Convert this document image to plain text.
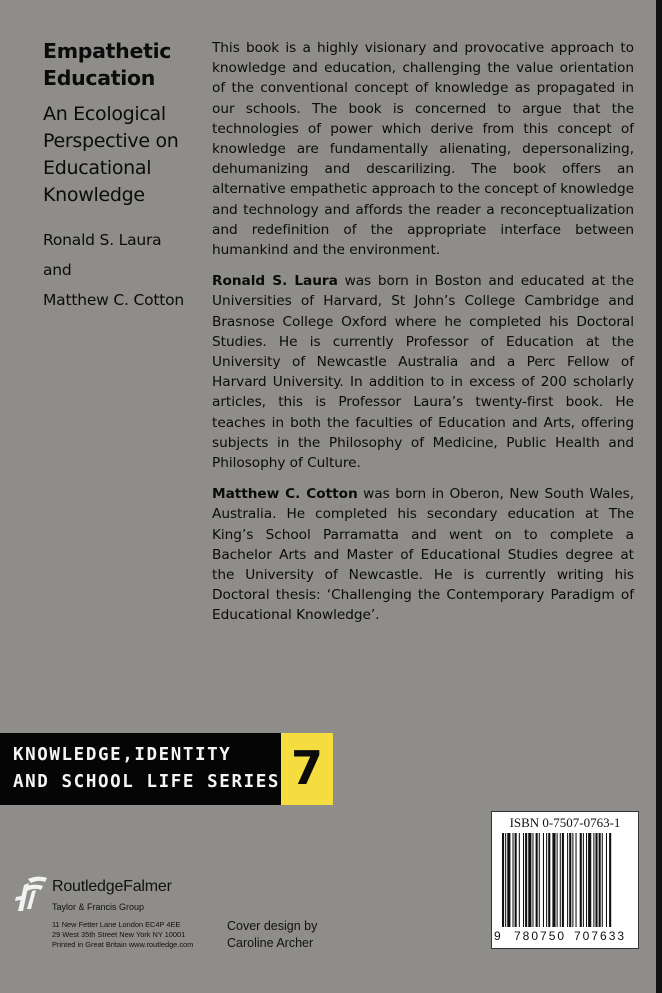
Empathetic
Education
An Ecological
Perspective on
Educational
Knowledge
Ronald S. Laura
and
Matthew C. Cotton

This book is a highly visionary and provocative approach to knowledge and education, challenging the value orientation of the conventional concept of knowledge as propagated in our schools. The book is concerned to argue that the technologies of power which derive from this concept of knowledge are fundamentally alienating, depersonalizing, dehumanizing and descarilizing. The book offers an alternative empathetic approach to the concept of knowledge and technology and affords the reader a reconceptualization and redefinition of the appropriate interface between humankind and the environment.

Ronald S. Laura was born in Boston and educated at the Universities of Harvard, St John’s College Cambridge and Brasnose College Oxford where he completed his Doctoral Studies. He is currently Professor of Education at the University of Newcastle Australia and a Perc Fellow of Harvard University. In addition to in excess of 200 scholarly articles, this is Professor Laura’s twenty-first book. He teaches in both the faculties of Education and Arts, offering subjects in the Philosophy of Medicine, Public Health and Philosophy of Culture.

Matthew C. Cotton was born in Oberon, New South Wales, Australia. He completed his secondary education at The King’s School Parramatta and went on to complete a Bachelor Arts and Master of Educational Studies degree at the University of Newcastle. He is currently writing his Doctoral thesis: ‘Challenging the Contemporary Paradigm of Educational Knowledge’.

KNOWLEDGE,IDENTITY
AND SCHOOL LIFE SERIES 7
ISBN 0-7507-0763-1
9 780750 707633
RoutledgeFalmer
Taylor & Francis Group
11 New Fetter Lane London EC4P 4EE
29 West 35th Street New York NY 10001
Printed in Great Britain www.routledge.com
Cover design by
Caroline Archer
